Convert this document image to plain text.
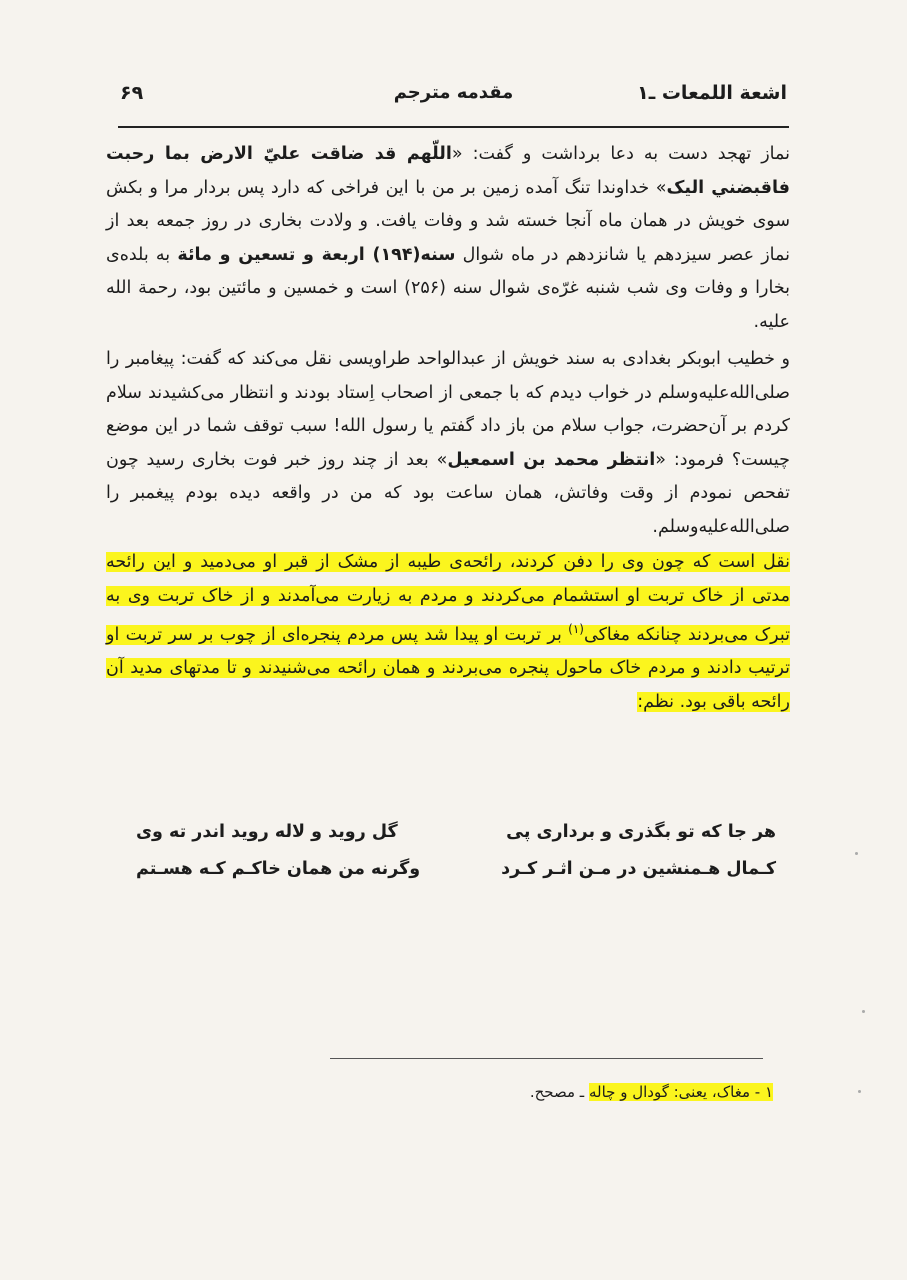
اشعة اللمعات ـ۱
مقدمه مترجم
۶۹

نماز تهجد دست به دعا برداشت و گفت: «اللّهم قد ضاقت عليّ الارض بما رحبت فاقبضني اليک» خداوندا تنگ آمده زمين بر من با اين فراخی که دارد پس بردار مرا و بکش سوی خويش در همان ماه آنجا خسته شد و وفات يافت. و ولادت بخاری در روز جمعه بعد از نماز عصر سيزدهم يا شانزدهم در ماه شوال سنه(۱۹۴) اربعة و تسعين و مائة به بلده‌ی بخارا و وفات وی شب شنبه غرّه‌ی شوال سنه (۲۵۶) است و خمسين و مائتين بود، رحمة الله عليه.

و خطيب ابوبکر بغدادی به سند خويش از عبدالواحد طراويسی نقل می‌کند که گفت: پيغامبر را صلی‌الله‌عليه‌وسلم در خواب ديدم که با جمعی از اصحاب اِستاد بودند و انتظار می‌کشيدند سلام کردم بر آن‌حضرت، جواب سلام من باز داد گفتم يا رسول الله! سبب توقف شما در اين موضع چيست؟ فرمود: «انتظر محمد بن اسمعيل» بعد از چند روز خبر فوت بخاری رسيد چون تفحص نمودم از وقت وفاتش، همان ساعت بود که من در واقعه ديده بودم پيغمبر را صلی‌الله‌عليه‌وسلم.

نقل است که چون وی را دفن کردند، رائحه‌ی طيبه از مشک از قبر او می‌دميد و اين رائحه مدتی از خاک تربت او استشمام می‌کردند و مردم به زيارت می‌آمدند و از خاک تربت وی به تبرک می‌بردند چنانکه مغاکی$^{(۱)}$ بر تربت او پيدا شد پس مردم پنجره‌ای از چوب بر سر تربت او ترتيب دادند و مردم خاک ماحول پنجره می‌بردند و همان رائحه می‌شنيدند و تا مدتهای مديد آن رائحه باقی بود. نظم:

هر جا که تو بگذری و برداری پی
گل رويد و لاله رويد اندر ته وی
کـمال هـمنشين در مـن اثـر کـرد
وگرنه من همان خاکـم کـه هسـتم
۱ - مغاک، يعنی: گودال و چاله ـ مصحح.
